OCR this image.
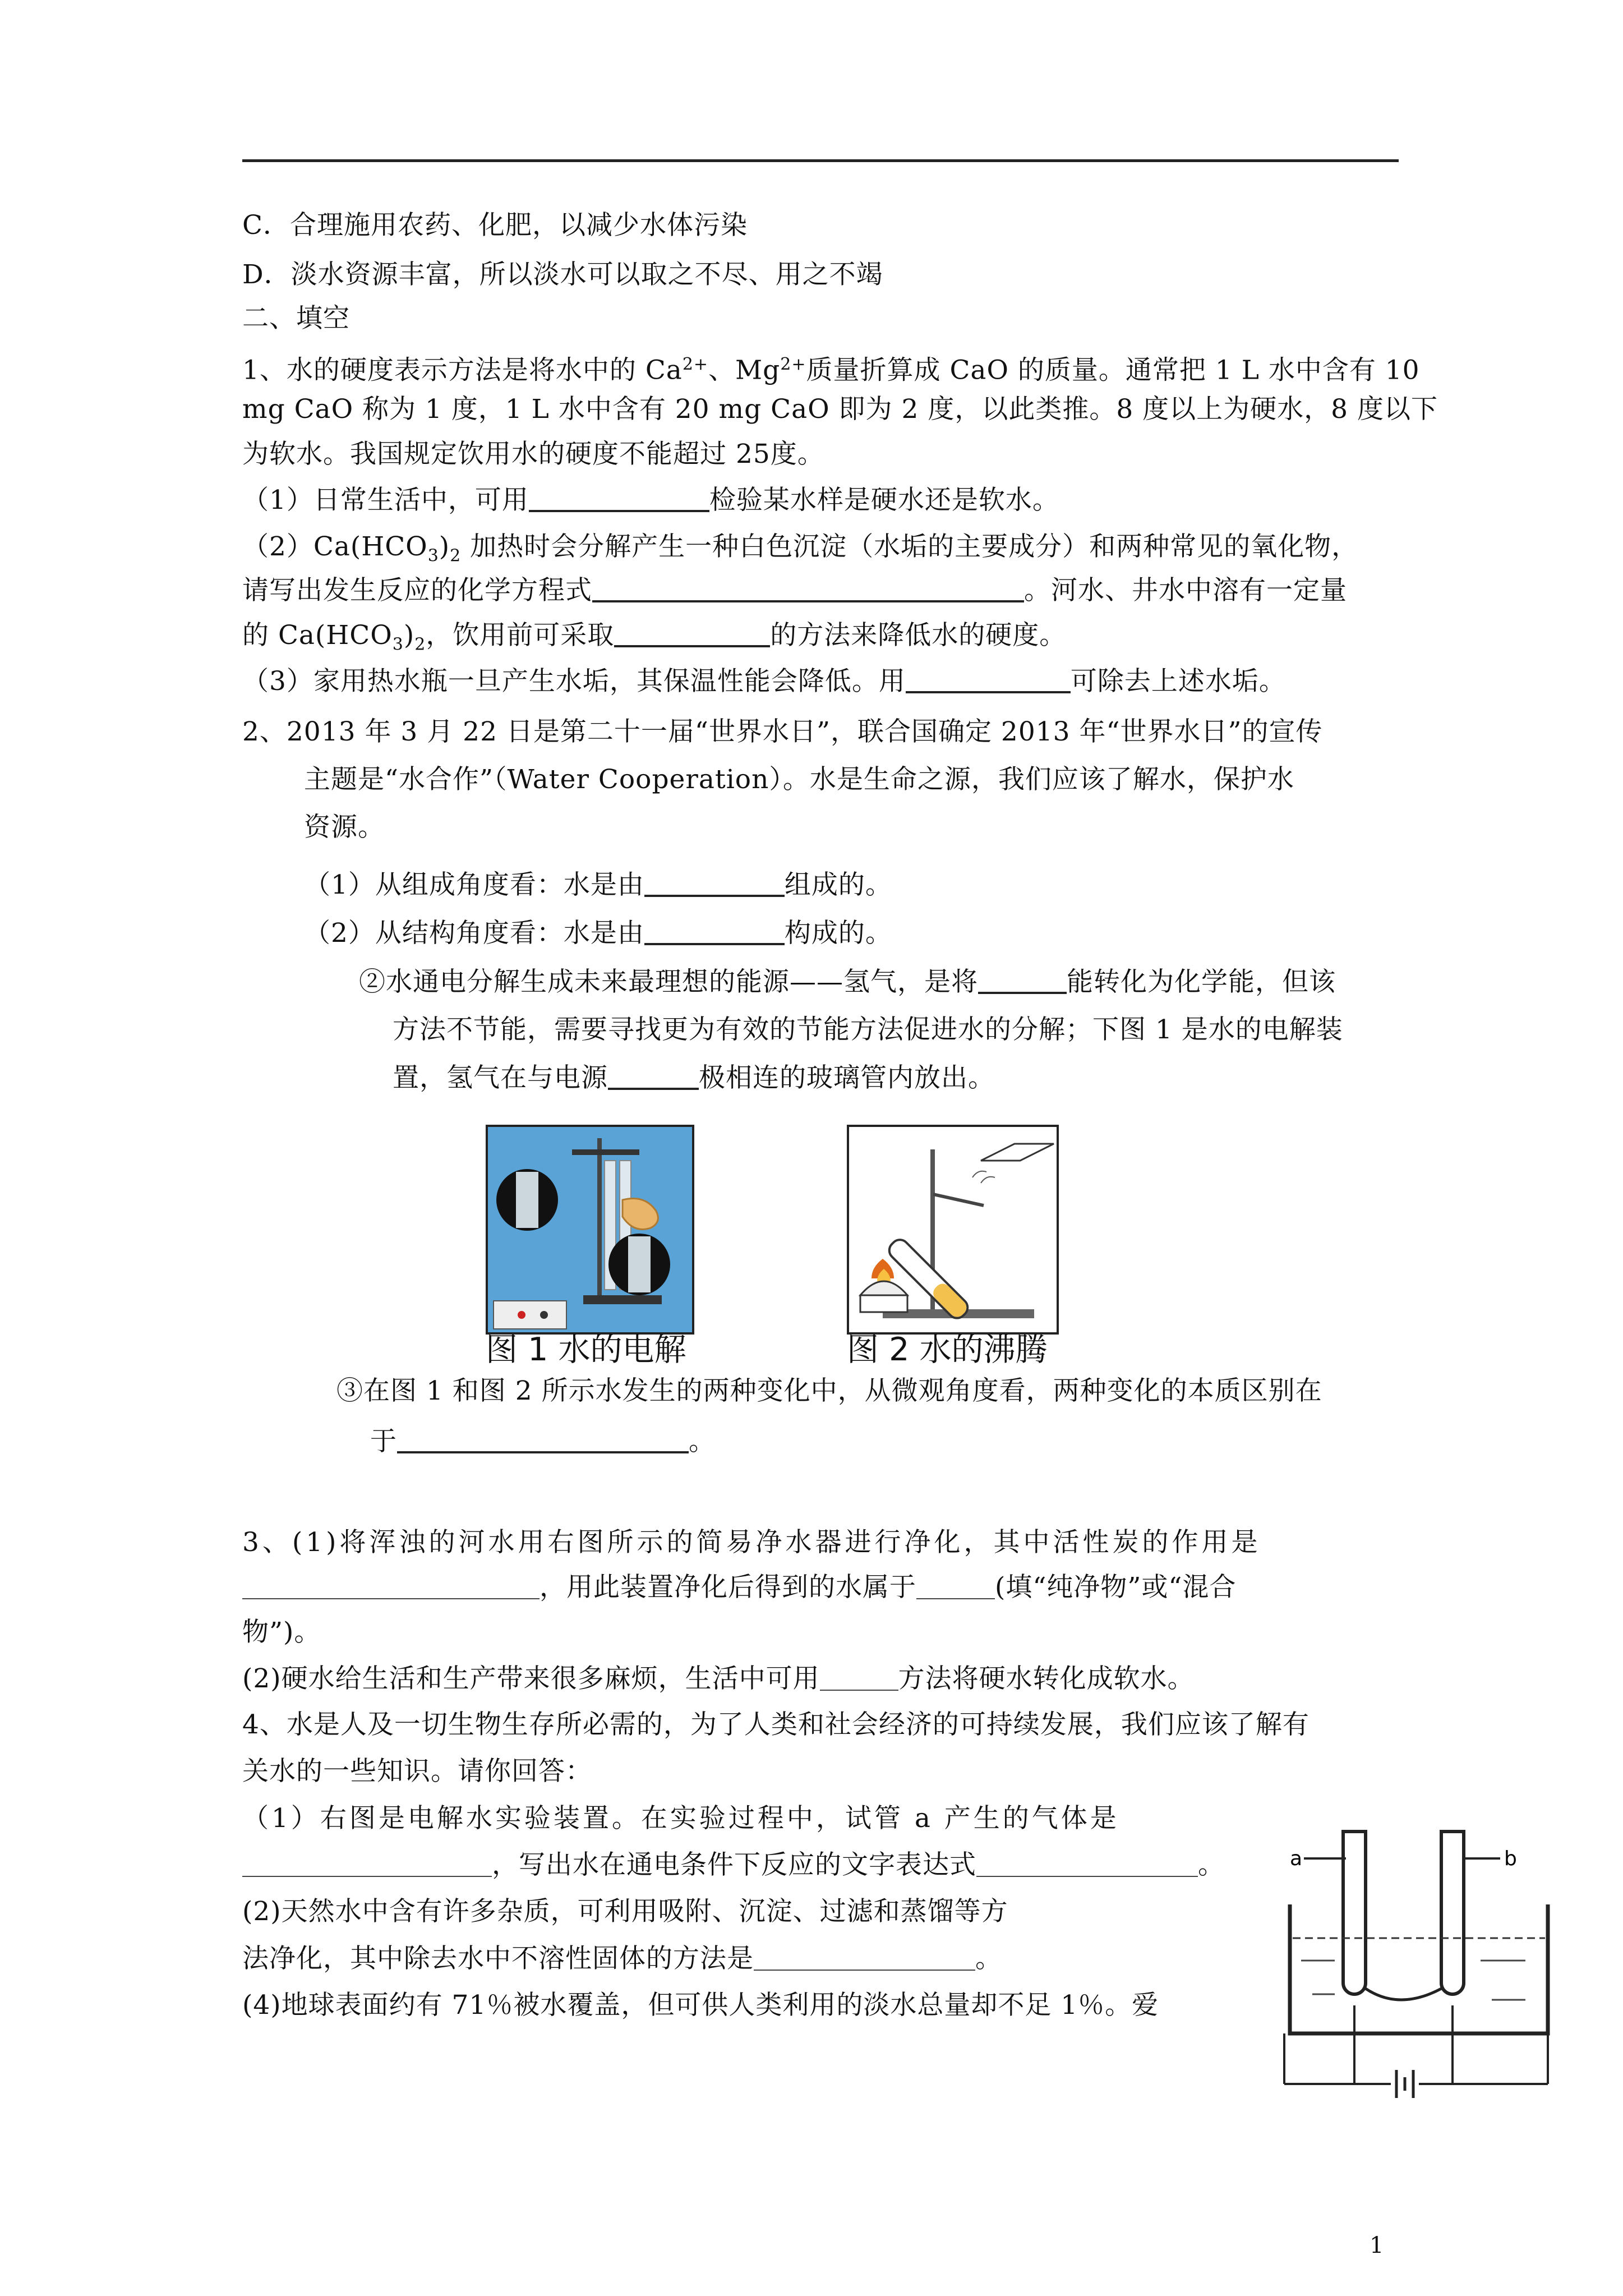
C．合理施用农药、化肥，以减少水体污染
D．淡水资源丰富，所以淡水可以取之不尽、用之不竭
二、填空
1、水的硬度表示方法是将水中的 $Ca^{2+}$、$Mg^{2+}$质量折算成 CaO 的质量。通常把 1 L 水中含有 10
mg CaO 称为 1 度，1 L 水中含有 20 mg CaO 即为 2 度，以此类推。8 度以上为硬水，8 度以下
为软水。我国规定饮用水的硬度不能超过 25度。
（1）日常生活中，可用	检验某水样是硬水还是软水。
$(2)Ca(HCO_3)_2$ 加热时会分解产生一种白色沉淀（水垢的主要成分）和两种常见的氧化物，
请写出发生反应的化学方程式	。河水、井水中溶有一定量
的 $Ca(HCO_3)_2$，饮用前可采取	的方法来降低水的硬度。
（3）家用热水瓶一旦产生水垢，其保温性能会降低。用	可除去上述水垢。
2、2013 年 3 月 22 日是第二十一届“世界水日”，联合国确定 2013 年“世界水日”的宣传
主题是“水合作”（Water Cooperation）。水是生命之源，我们应该了解水，保护水
资源。
（1）从组成角度看：水是由	组成的。
（2）从结构角度看：水是由	构成的。
②水通电分解生成未来最理想的能源——氢气，是将	能转化为化学能，但该
方法不节能，需要寻找更为有效的节能方法促进水的分解；下图 1 是水的电解装
置，氢气在与电源	极相连的玻璃管内放出。
图 1 水的电解	图 2 水的沸腾
③在图 1 和图 2 所示水发生的两种变化中，从微观角度看，两种变化的本质区别在
于	。
3、(1)将浑浊的河水用右图所示的简易净水器进行净化，其中活性炭的作用是
，用此装置净化后得到的水属于	(填“纯净物”或“混合
物”)。
(2)硬水给生活和生产带来很多麻烦，生活中可用	方法将硬水转化成软水。
4、水是人及一切生物生存所必需的，为了人类和社会经济的可持续发展，我们应该了解有
关水的一些知识。请你回答：
（1）右图是电解水实验装置。在实验过程中，试管 a 产生的气体是
，写出水在通电条件下反应的文字表达式	。
(2)天然水中含有许多杂质，可利用吸附、沉淀、过滤和蒸馏等方
法净化，其中除去水中不溶性固体的方法是	。
(4)地球表面约有 71％被水覆盖，但可供人类利用的淡水总量却不足 1％。爱
a	b
1
